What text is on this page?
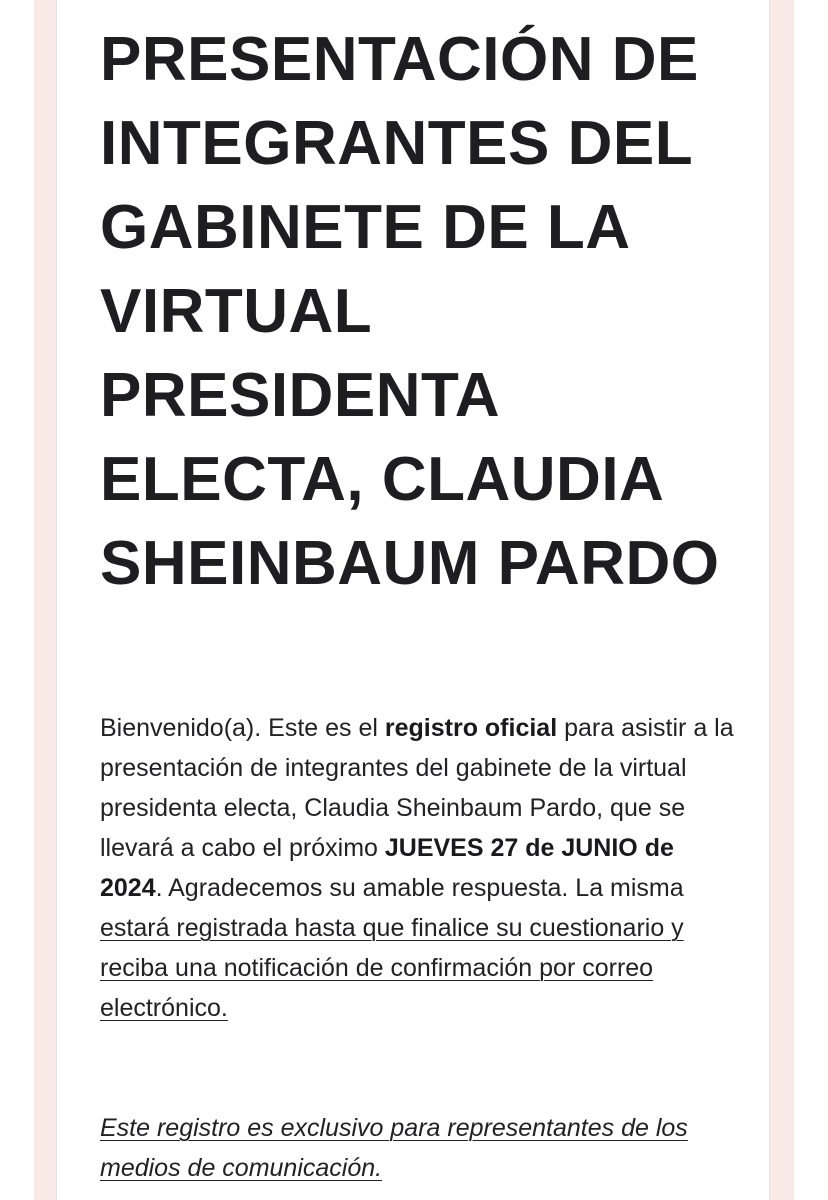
PRESENTACIÓN DE INTEGRANTES DEL GABINETE DE LA VIRTUAL PRESIDENTA ELECTA, CLAUDIA SHEINBAUM PARDO

Bienvenido(a). Este es el registro oficial para asistir a la presentación de integrantes del gabinete de la virtual presidenta electa, Claudia Sheinbaum Pardo, que se llevará a cabo el próximo JUEVES 27 de JUNIO de 2024. Agradecemos su amable respuesta. La misma estará registrada hasta que finalice su cuestionario y reciba una notificación de confirmación por correo electrónico.

Este registro es exclusivo para representantes de los medios de comunicación.
